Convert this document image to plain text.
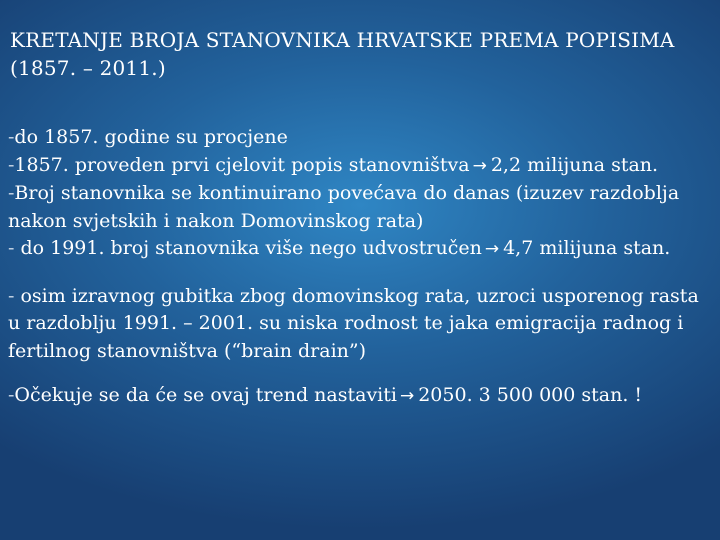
KRETANJE BROJA STANOVNIKA HRVATSKE PREMA POPISIMA (1857. – 2011.)

-do 1857. godine su procjene

-1857. proveden prvi cjelovit popis stanovništva → 2,2 milijuna stan.

-Broj stanovnika se kontinuirano povećava do danas (izuzev razdoblja nakon svjetskih i nakon Domovinskog rata)

- do 1991. broj stanovnika više nego udvostručen → 4,7 milijuna stan.

- osim izravnog gubitka zbog domovinskog rata, uzroci usporenog rasta u razdoblju 1991. – 2001. su niska rodnost te jaka emigracija radnog i fertilnog stanovništva (“brain drain”)

-Očekuje se da će se ovaj trend nastaviti → 2050. 3 500 000 stan. !
